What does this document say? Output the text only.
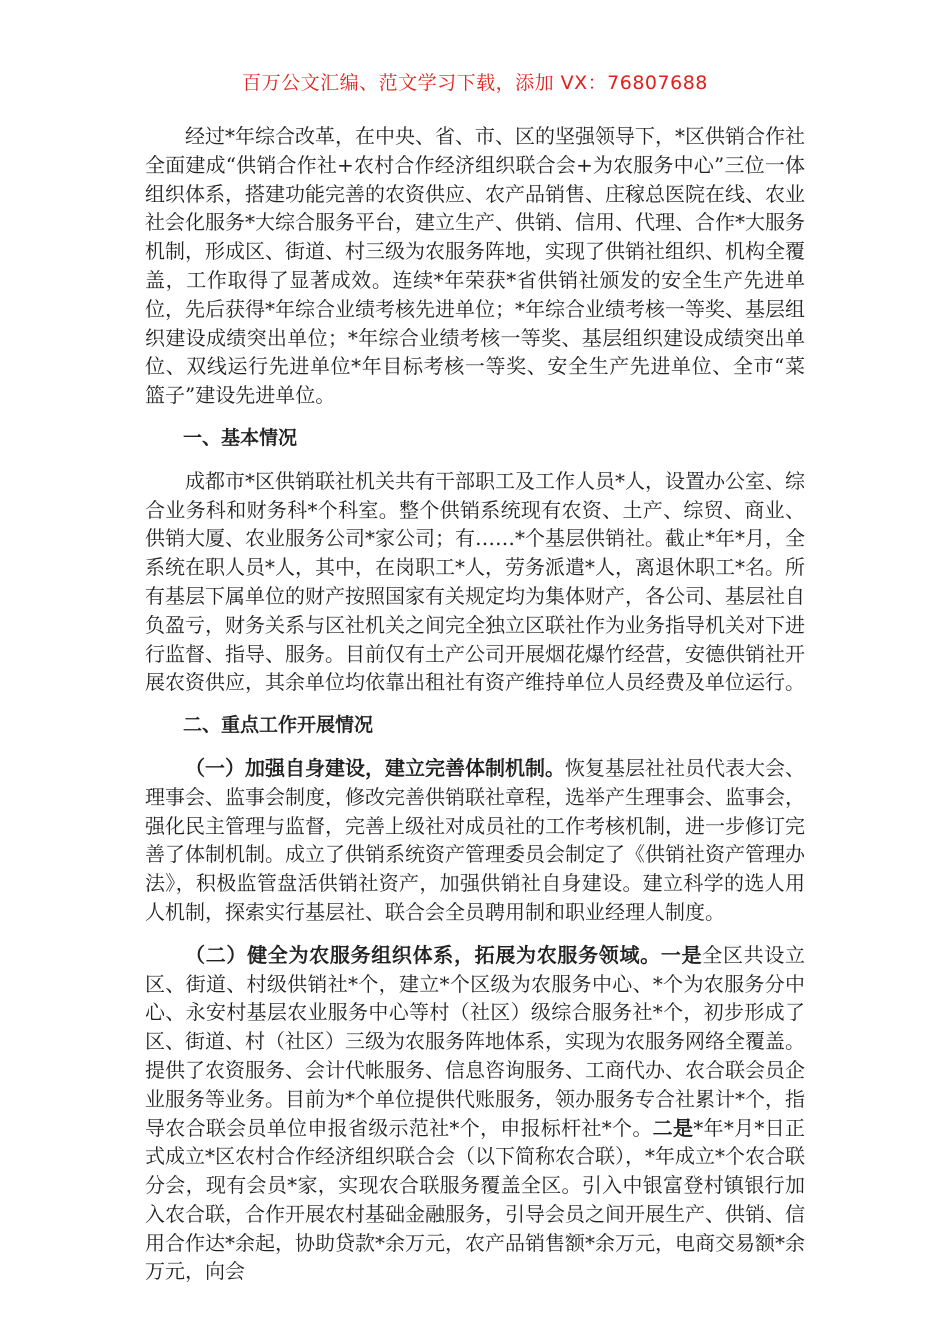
百万公文汇编、范文学习下载，添加 VX：76807688

经过*年综合改革，在中央、省、市、区的坚强领导下，*区供销合作社全面建成“供销合作社+农村合作经济组织联合会+为农服务中心”三位一体组织体系，搭建功能完善的农资供应、农产品销售、庄稼总医院在线、农业社会化服务*大综合服务平台，建立生产、供销、信用、代理、合作*大服务机制，形成区、街道、村三级为农服务阵地，实现了供销社组织、机构全覆盖，工作取得了显著成效。连续*年荣获*省供销社颁发的安全生产先进单位，先后获得*年综合业绩考核先进单位；*年综合业绩考核一等奖、基层组织建设成绩突出单位；*年综合业绩考核一等奖、基层组织建设成绩突出单位、双线运行先进单位*年目标考核一等奖、安全生产先进单位、全市“菜篮子”建设先进单位。

一、基本情况

成都市*区供销联社机关共有干部职工及工作人员*人，设置办公室、综合业务科和财务科*个科室。整个供销系统现有农资、土产、综贸、商业、供销大厦、农业服务公司*家公司；有……*个基层供销社。截止*年*月，全系统在职人员*人，其中，在岗职工*人，劳务派遣*人，离退休职工*名。所有基层下属单位的财产按照国家有关规定均为集体财产，各公司、基层社自负盈亏，财务关系与区社机关之间完全独立区联社作为业务指导机关对下进行监督、指导、服务。目前仅有土产公司开展烟花爆竹经营，安德供销社开展农资供应，其余单位均依靠出租社有资产维持单位人员经费及单位运行。

二、重点工作开展情况

（一）加强自身建设，建立完善体制机制。恢复基层社社员代表大会、理事会、监事会制度，修改完善供销联社章程，选举产生理事会、监事会，强化民主管理与监督，完善上级社对成员社的工作考核机制，进一步修订完善了体制机制。成立了供销系统资产管理委员会制定了《供销社资产管理办法》，积极监管盘活供销社资产，加强供销社自身建设。建立科学的选人用人机制，探索实行基层社、联合会全员聘用制和职业经理人制度。

（二）健全为农服务组织体系，拓展为农服务领域。一是全区共设立区、街道、村级供销社*个，建立*个区级为农服务中心、*个为农服务分中心、永安村基层农业服务中心等村（社区）级综合服务社*个，初步形成了区、街道、村（社区）三级为农服务阵地体系，实现为农服务网络全覆盖。提供了农资服务、会计代帐服务、信息咨询服务、工商代办、农合联会员企业服务等业务。目前为*个单位提供代账服务，领办服务专合社累计*个，指导农合联会员单位申报省级示范社*个，申报标杆社*个。二是*年*月*日正式成立*区农村合作经济组织联合会（以下简称农合联），*年成立*个农合联分会，现有会员*家，实现农合联服务覆盖全区。引入中银富登村镇银行加入农合联，合作开展农村基础金融服务，引导会员之间开展生产、供销、信用合作达*余起，协助贷款*余万元，农产品销售额*余万元，电商交易额*余万元，向会
